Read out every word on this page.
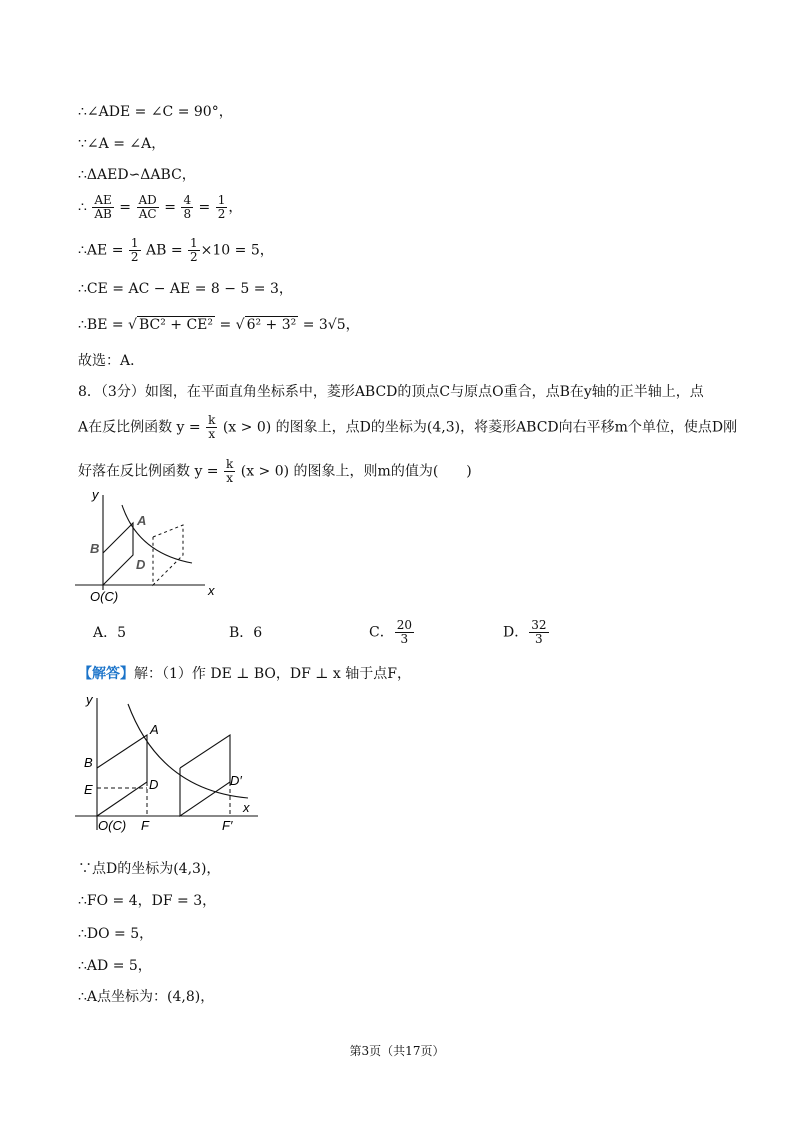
∴∠ADE = ∠C = 90°，
∵∠A = ∠A，
∴ΔAED∽ΔABC，
∴ $\frac{AE}{AB} = \frac{AD}{AC} = \frac{4}{8} = \frac{1}{2}$ ，
∴AE = $\frac{1}{2}$ AB = $\frac{1}{2} \times 10 = 5$，
∴CE = AC − AE = 8 − 5 = 3，
∴BE = √ BC² + CE² = √ 6² + 3² = 3√5，
故选：A．
8．（3分）如图，在平面直角坐标系中，菱形ABCD的顶点C与原点O重合，点B在y轴的正半轴上，点
A在反比例函数 $y = \frac{k}{x} (x > 0)$ 的图象上，点D的坐标为(4,3)，将菱形ABCD向右平移m个单位，使点D刚
好落在反比例函数 $y = \frac{k}{x} (x > 0)$ 的图象上，则m的值为(　　)
y
x
A
B
D
O(C)
A．5	B．6	C． $\frac{20}{3}$	D． $\frac{32}{3}$
【解答】解：（1）作 DE ⊥ BO，DF ⊥ x 轴于点F，
y
x
A
B
E	D	D′
O(C) F	F′
∵点D的坐标为(4,3)，
∴FO = 4，DF = 3，
∴DO = 5，
∴AD = 5，
∴A点坐标为：(4,8)，
第3页（共17页）
